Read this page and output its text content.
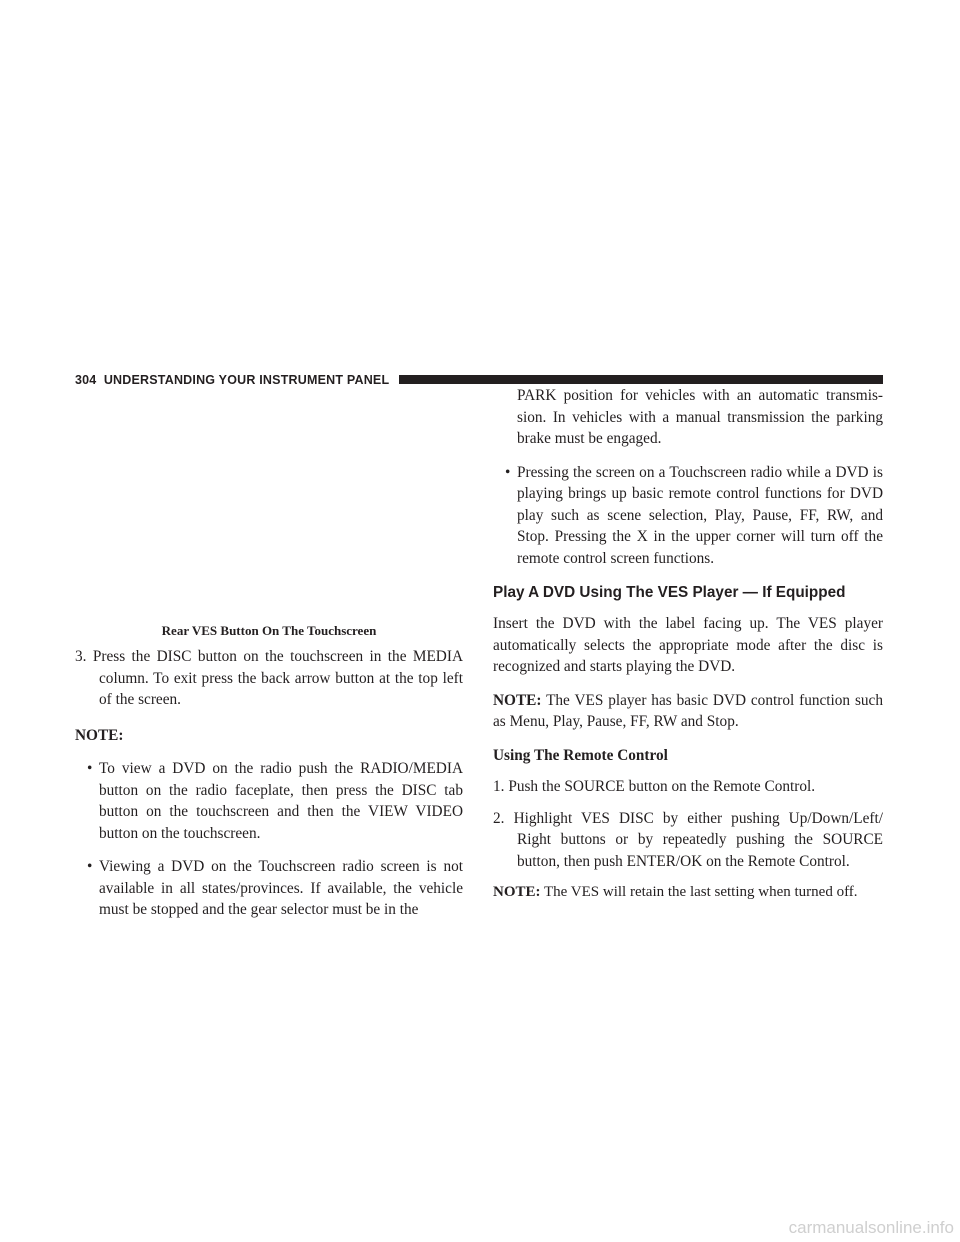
304 UNDERSTANDING YOUR INSTRUMENT PANEL
Rear VES Button On The Touchscreen

3. Press the DISC button on the touchscreen in the MEDIA column. To exit press the back arrow button at the top left of the screen.

NOTE:

• To view a DVD on the radio push the RADIO/MEDIA button on the radio faceplate, then press the DISC tab button on the touchscreen and then the VIEW VIDEO button on the touchscreen.

• Viewing a DVD on the Touchscreen radio screen is not available in all states/provinces. If available, the vehicle must be stopped and the gear selector must be in the

PARK position for vehicles with an automatic transmis- sion. In vehicles with a manual transmission the parking brake must be engaged.

• Pressing the screen on a Touchscreen radio while a DVD is playing brings up basic remote control functions for DVD play such as scene selection, Play, Pause, FF, RW, and Stop. Pressing the X in the upper corner will turn off the remote control screen functions.

Play A DVD Using The VES Player — If Equipped

Insert the DVD with the label facing up. The VES player automatically selects the appropriate mode after the disc is recognized and starts playing the DVD.

NOTE: The VES player has basic DVD control function such as Menu, Play, Pause, FF, RW and Stop.

Using The Remote Control

1. Push the SOURCE button on the Remote Control.

2. Highlight VES DISC by either pushing Up/Down/Left/ Right buttons or by repeatedly pushing the SOURCE button, then push ENTER/OK on the Remote Control.

NOTE: The VES will retain the last setting when turned off.

carmanualsonline.info
